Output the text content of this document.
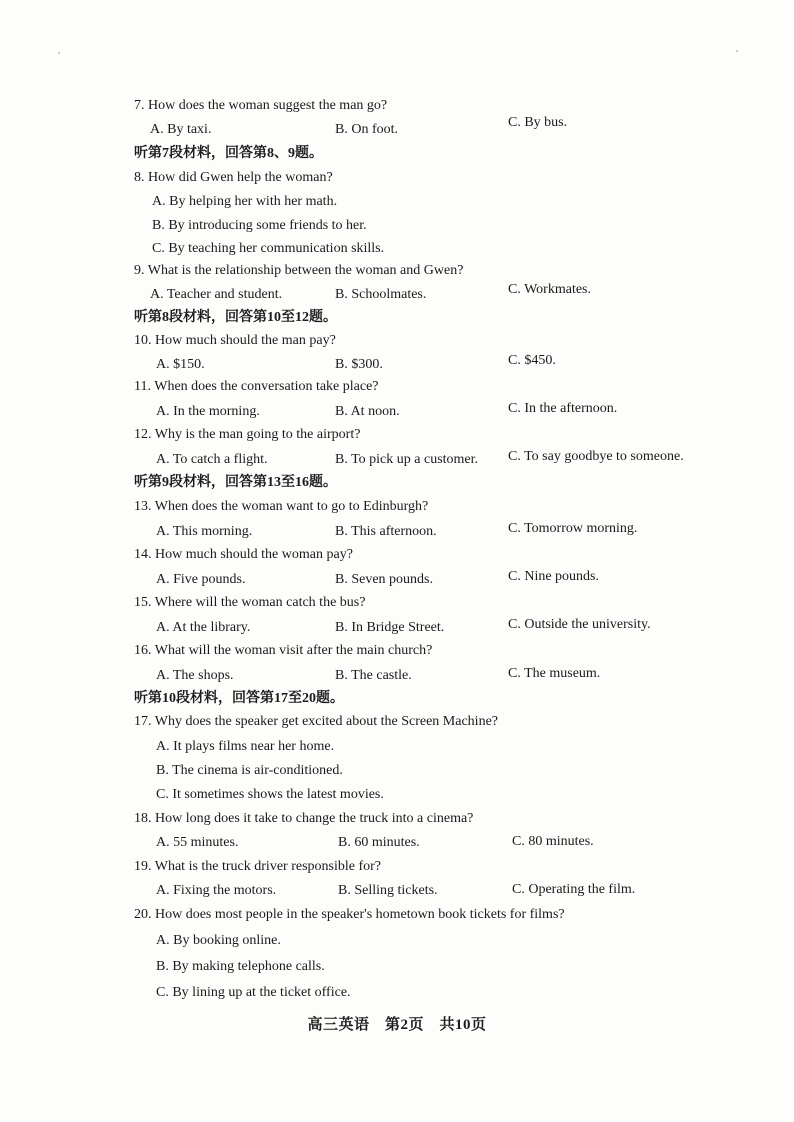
7. How does the woman suggest the man go?
A. By taxi.	B. On foot.	C. By bus.
听第7段材料，回答第8、9题。
8. How did Gwen help the woman?
A. By helping her with her math.
B. By introducing some friends to her.
C. By teaching her communication skills.
9. What is the relationship between the woman and Gwen?
A. Teacher and student.	B. Schoolmates.	C. Workmates.
听第8段材料，回答第10至12题。
10. How much should the man pay?
A. $150.	B. $300.	C. $450.
11. When does the conversation take place?
A. In the morning.	B. At noon.	C. In the afternoon.
12. Why is the man going to the airport?
A. To catch a flight.	B. To pick up a customer. C. To say goodbye to someone.
听第9段材料，回答第13至16题。
13. When does the woman want to go to Edinburgh?
A. This morning.	B. This afternoon.	C. Tomorrow morning.
14. How much should the woman pay?
A. Five pounds.	B. Seven pounds.	C. Nine pounds.
15. Where will the woman catch the bus?
A. At the library.	B. In Bridge Street.	C. Outside the university.
16. What will the woman visit after the main church?
A. The shops.	B. The castle.	C. The museum.
听第10段材料，回答第17至20题。
17. Why does the speaker get excited about the Screen Machine?
A. It plays films near her home.
B. The cinema is air-conditioned.
C. It sometimes shows the latest movies.
18. How long does it take to change the truck into a cinema?
A. 55 minutes.	B. 60 minutes.	C. 80 minutes.
19. What is the truck driver responsible for?
A. Fixing the motors.	B. Selling tickets.	C. Operating the film.
20. How does most people in the speaker's hometown book tickets for films?
A. By booking online.
B. By making telephone calls.
C. By lining up at the ticket office.
高三英语　第2页　共10页
